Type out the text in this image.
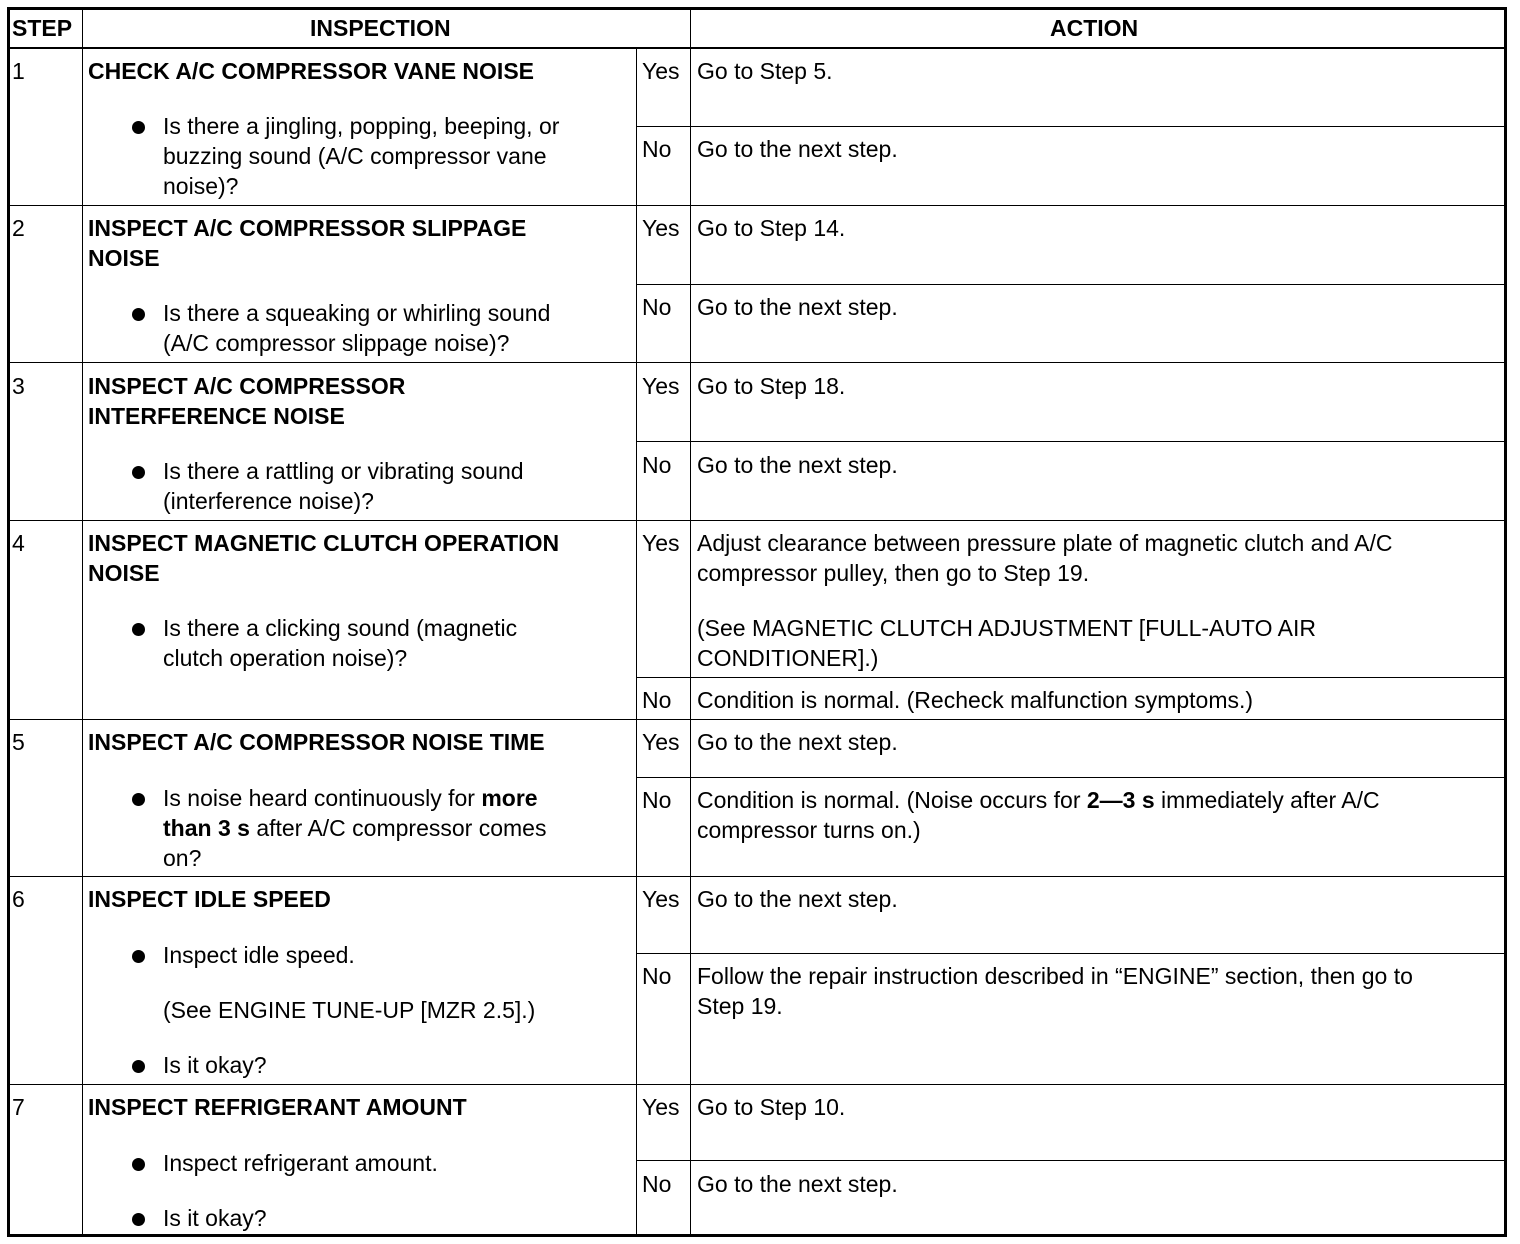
STEP	INSPECTION	ACTION
1	CHECK A/C COMPRESSOR VANE NOISE
Is there a jingling, popping, beeping, or
buzzing sound (A/C compressor vane
noise)?
Yes Go to Step 5.
No Go to the next step.
2	INSPECT A/C COMPRESSOR SLIPPAGE
NOISE
Is there a squeaking or whirling sound
(A/C compressor slippage noise)?
Yes Go to Step 14.
No Go to the next step.
3	INSPECT A/C COMPRESSOR
INTERFERENCE NOISE
Is there a rattling or vibrating sound
(interference noise)?
Yes Go to Step 18.
No Go to the next step.
4	INSPECT MAGNETIC CLUTCH OPERATION
NOISE
Is there a clicking sound (magnetic
clutch operation noise)?
Yes Adjust clearance between pressure plate of magnetic clutch and A/C
compressor pulley, then go to Step 19.
(See MAGNETIC CLUTCH ADJUSTMENT [FULL-AUTO AIR
CONDITIONER].)
No Condition is normal. (Recheck malfunction symptoms.)
5	INSPECT A/C COMPRESSOR NOISE TIME
Is noise heard continuously for more
than 3 s after A/C compressor comes
on?
Yes Go to the next step.
No Condition is normal. (Noise occurs for 2—3 s immediately after A/C
compressor turns on.)
6	INSPECT IDLE SPEED
Inspect idle speed.
(See ENGINE TUNE-UP [MZR 2.5].)
Is it okay?
Yes Go to the next step.
No Follow the repair instruction described in “ENGINE” section, then go to
Step 19.
7	INSPECT REFRIGERANT AMOUNT
Inspect refrigerant amount.
Is it okay?
Yes Go to Step 10.
No Go to the next step.
